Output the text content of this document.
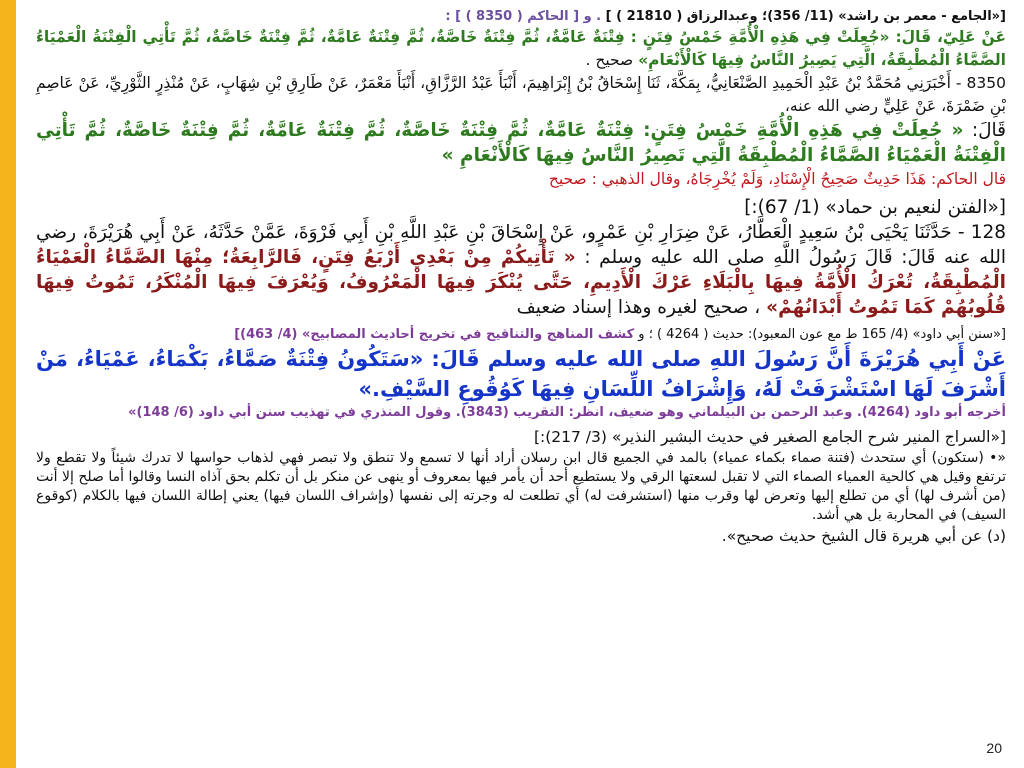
[«الجامع - معمر بن راشد» (11/ 356)؛ وعبدالرزاق ( 21810 ) ] . و [ الحاكم ( 8350 ) ] :
عَنْ عَلِيّ، قَالَ: «جُعِلَتْ فِي هَذِهِ الْأُمَّةِ خَمْسُ فِتَنٍ : فِتْنَةٌ عَامَّةٌ، ثُمَّ فِتْنَةٌ خَاصَّةٌ، ثُمَّ فِتْنَةٌ عَامَّةٌ، ثُمَّ فِتْنَةٌ خَاصَّةٌ، ثُمَّ تَأْتِي الْفِتْنَةُ الْعَمْيَاءُ الصَّمَّاءُ الْمُطْبِقَةُ، الَّتِي يَصِيرُ النَّاسُ فِيهَا كَالْأَنْعَامِ» صحيح .
8350 - أَخْبَرَنِي مُحَمَّدُ بْنُ عَبْدِ الْحَمِيدِ الصَّنْعَانِيُّ، بِمَكَّةَ، ثَنَا إِسْحَاقُ بْنُ إِبْرَاهِيمَ، أَنْبَأَ عَبْدُ الرَّزَّاقِ، أَنْبَأَ مَعْمَرٌ، عَنْ طَارِقِ بْنِ شِهَابٍ، عَنْ مُنْذِرٍ الثَّوْرِيِّ، عَنْ عَاصِمِ بْنِ ضَمْرَةَ، عَنْ عَلِيٍّ رضي الله عنه،
قَالَ: « جُعِلَتْ فِي هَذِهِ الْأُمَّةِ خَمْسُ فِتَنٍ: فِتْنَةٌ عَامَّةٌ، ثُمَّ فِتْنَةٌ خَاصَّةٌ، ثُمَّ فِتْنَةٌ عَامَّةٌ، ثُمَّ فِتْنَةٌ خَاصَّةٌ، ثُمَّ تَأْتِي الْفِتْنَةُ الْعَمْيَاءُ الصَّمَّاءُ الْمُطْبِقَةُ الَّتِي تَصِيرُ النَّاسُ فِيهَا كَالْأَنْعَامِ »
قال الحاكم: هَذَا حَدِيثٌ صَحِيحُ الْإِسْنَادِ، وَلَمْ يُخْرِجَاهُ، وقال الذهبي : صحيح
[«الفتن لنعيم بن حماد» (1/ 67):]
128 - حَدَّثَنَا يَحْيَى بْنُ سَعِيدٍ الْعَطَّارُ، عَنْ ضِرَارِ بْنِ عَمْرٍو، عَنْ إِسْحَاقَ بْنِ عَبْدِ اللَّهِ بْنِ أَبِي فَرْوَةَ، عَمَّنْ حَدَّثَهُ، عَنْ أَبِي هُرَيْرَةَ، رضي الله عنه قَالَ: قَالَ رَسُولُ اللَّهِ صلى الله عليه وسلم : « تَأْتِيكُمْ مِنْ بَعْدِي أَرْبَعُ فِتَنٍ، فَالرَّابِعَةُ؛ مِنْهَا الصَّمَّاءُ الْعَمْيَاءُ الْمُطْبِقَةُ، تُعْرَكُ الْأُمَّةُ فِيهَا بِالْبَلَاءِ عَرْكَ الْأَدِيمِ، حَتَّى يُنْكَرَ فِيهَا الْمَعْرُوفُ، وَيُعْرَفَ فِيهَا الْمُنْكَرُ، تَمُوتُ فِيهَا قُلُوبُهُمْ كَمَا تَمُوتُ أَبْدَانُهُمْ» ، صحيح لغيره وهذا إسناد ضعيف
[«سنن أبي داود» (4/ 165 ط مع عون المعبود): حديث ( 4264 ) ؛ و كشف المناهج والتناقيح في تخريج أحاديث المصابيح» (4/ 463)]
عَنْ أَبِي هُرَيْرَةَ أَنَّ رَسُولَ اللهِ صلى الله عليه وسلم قَالَ: «سَتَكُونُ فِتْنَةٌ صَمَّاءُ، بَكْمَاءُ، عَمْيَاءُ، مَنْ أَشْرَفَ لَهَا اسْتَشْرَفَتْ لَهُ، وَإِشْرَافُ اللِّسَانِ فِيهَا كَوُقُوعِ السَّيْفِ.»
أخرجه أبو داود (4264). وعبد الرحمن بن البيلماني وهو ضعيف، انظر: التقريب (3843). وقول المنذري في تهذيب سنن أبي داود (6/ 148)»
[«السراج المنير شرح الجامع الصغير في حديث البشير النذير» (3/ 217):]
«• (ستكون) أي ستحدث (فتنة صماء بكماء عمياء) بالمد في الجميع قال ابن رسلان أراد أنها لا تسمع ولا تنطق ولا تبصر فهي لذهاب حواسها لا تدرك شيئاً ولا تقطع ولا ترتفع وقيل هي كالحية العمياء الصماء التي لا تقبل لسعتها الرقي ولا يستطيع أحد أن يأمر فيها بمعروف أو ينهى عن منكر بل أن تكلم بحق آذاه النسا وقالوا أما صلح إلا أنت (من أشرف لها) أي من تطلع إليها وتعرض لها وقرب منها (استشرفت له) أي تطلعت له وجرته إلى نفسها (وإشراف اللسان فيها) يعني إطالة اللسان فيها بالكلام (كوقوع السيف) في المحاربة بل هي أشد.
(د) عن أبي هريرة قال الشيخ حديث صحيح».
20
